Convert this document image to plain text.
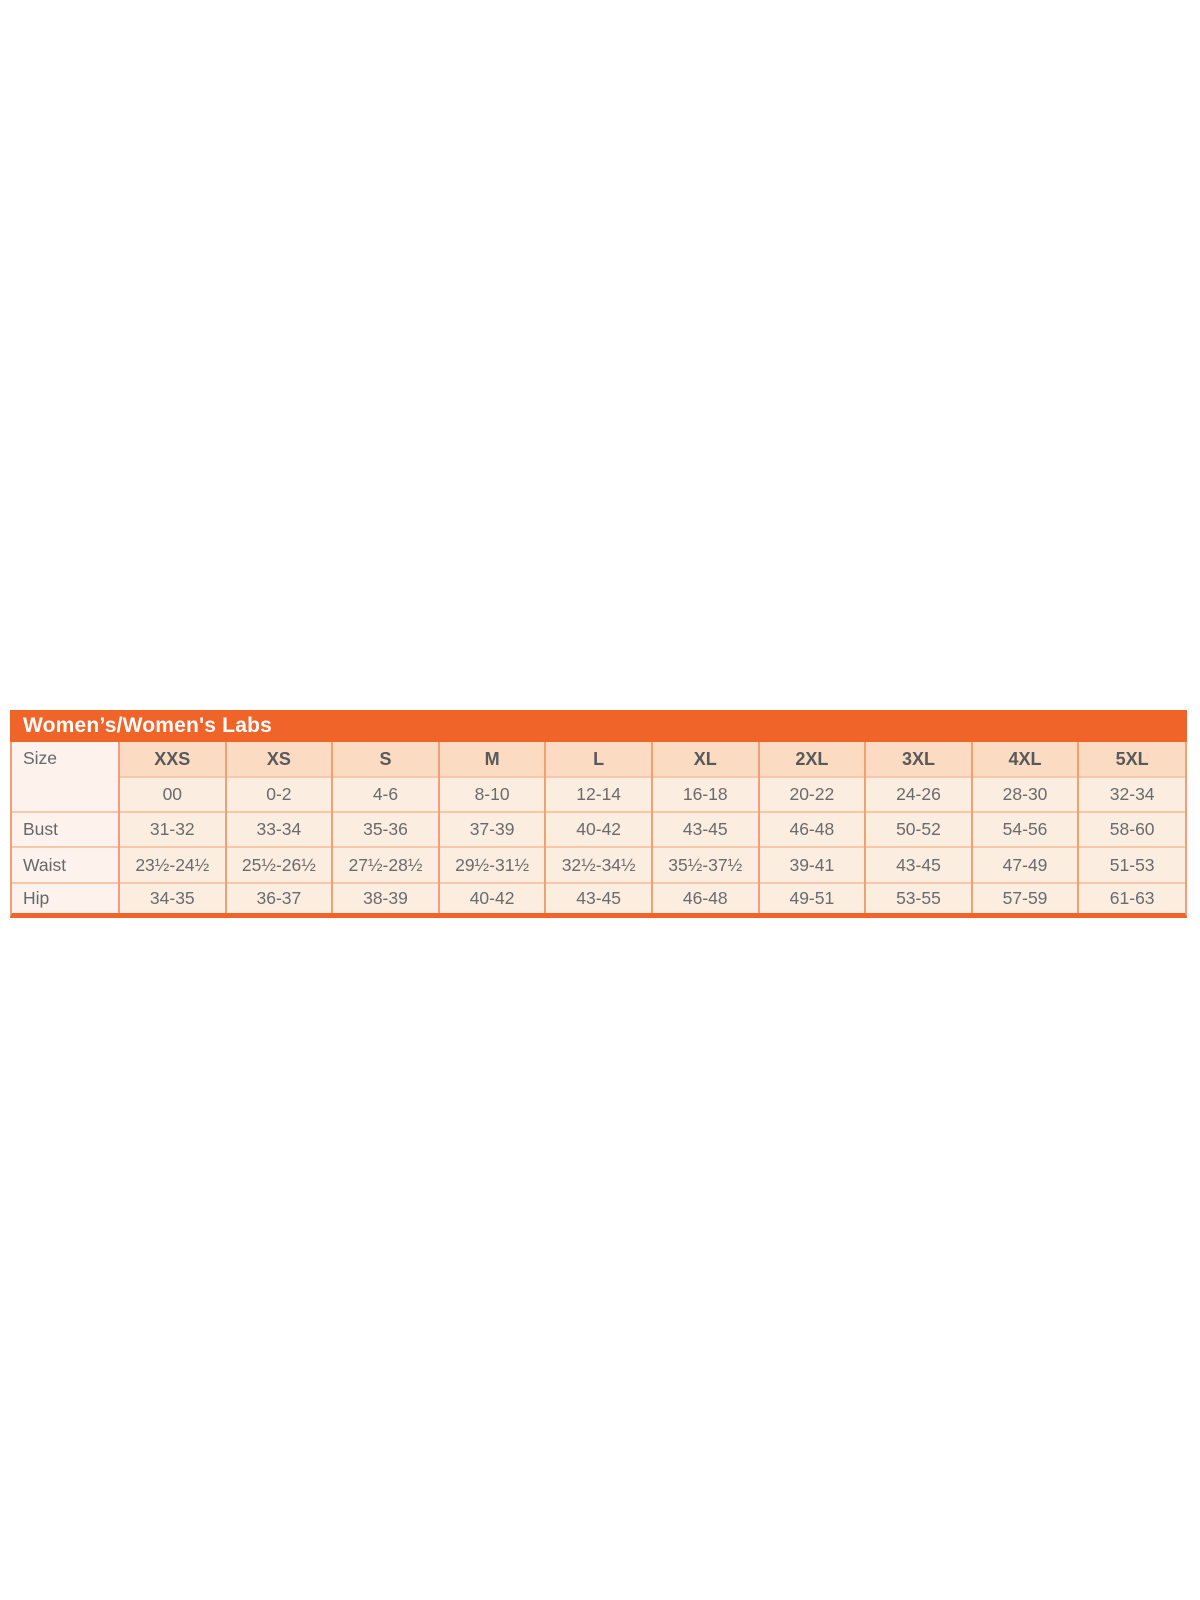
Women’s/Women's Labs
Size	XXS	XS	S	M	L	XL	2XL	3XL	4XL	5XL
	00	0-2	4-6	8-10	12-14	16-18	20-22	24-26	28-30	32-34
Bust	31-32	33-34	35-36	37-39	40-42	43-45	46-48	50-52	54-56	58-60
Waist	23½-24½	25½-26½	27½-28½	29½-31½	32½-34½	35½-37½	39-41	43-45	47-49	51-53
Hip	34-35	36-37	38-39	40-42	43-45	46-48	49-51	53-55	57-59	61-63
